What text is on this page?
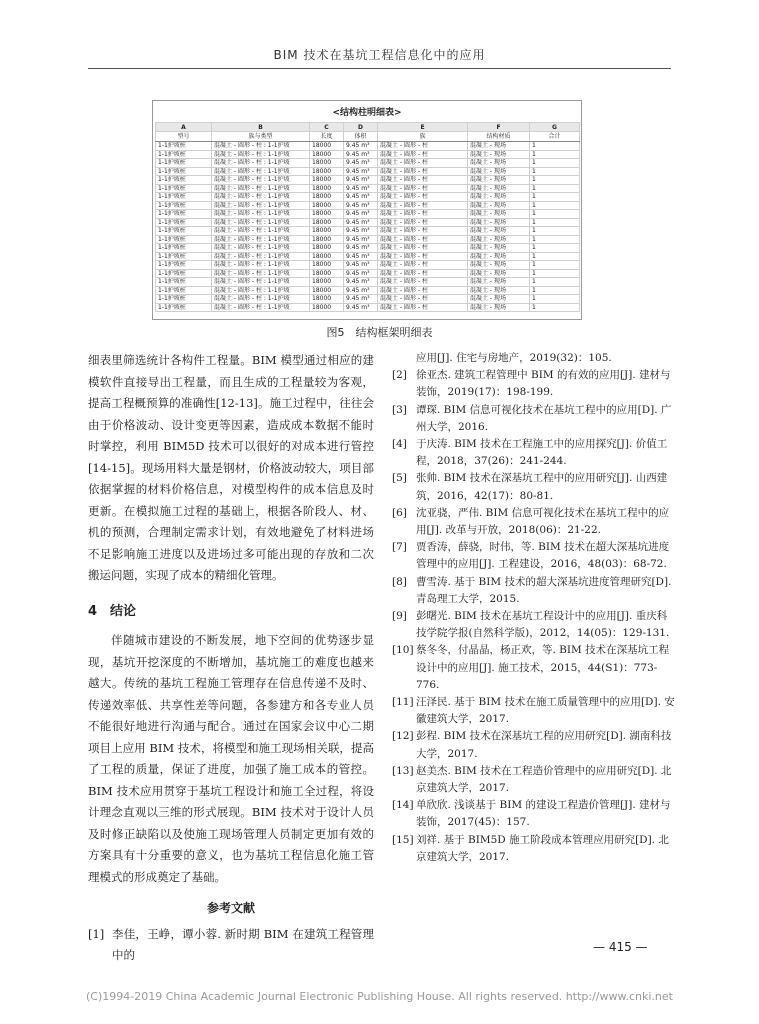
BIM 技术在基坑工程信息化中的应用
<结构柱明细表>
A	B	C	D	E	F	G
型号	族与类型	长度	体积	族	结构材质	合计
1-1护坡桩	混凝土 - 圆形 - 柱 : 1-1护坡	18000	9.45 m³	混凝土 - 圆形 - 柱	混凝土 - 现场	1
1-1护坡桩	混凝土 - 圆形 - 柱 : 1-1护坡	18000	9.45 m³	混凝土 - 圆形 - 柱	混凝土 - 现场	1
1-1护坡桩	混凝土 - 圆形 - 柱 : 1-1护坡	18000	9.45 m³	混凝土 - 圆形 - 柱	混凝土 - 现场	1
1-1护坡桩	混凝土 - 圆形 - 柱 : 1-1护坡	18000	9.45 m³	混凝土 - 圆形 - 柱	混凝土 - 现场	1
1-1护坡桩	混凝土 - 圆形 - 柱 : 1-1护坡	18000	9.45 m³	混凝土 - 圆形 - 柱	混凝土 - 现场	1
1-1护坡桩	混凝土 - 圆形 - 柱 : 1-1护坡	18000	9.45 m³	混凝土 - 圆形 - 柱	混凝土 - 现场	1
1-1护坡桩	混凝土 - 圆形 - 柱 : 1-1护坡	18000	9.45 m³	混凝土 - 圆形 - 柱	混凝土 - 现场	1
1-1护坡桩	混凝土 - 圆形 - 柱 : 1-1护坡	18000	9.45 m³	混凝土 - 圆形 - 柱	混凝土 - 现场	1
1-1护坡桩	混凝土 - 圆形 - 柱 : 1-1护坡	18000	9.45 m³	混凝土 - 圆形 - 柱	混凝土 - 现场	1
1-1护坡桩	混凝土 - 圆形 - 柱 : 1-1护坡	18000	9.45 m³	混凝土 - 圆形 - 柱	混凝土 - 现场	1
1-1护坡桩	混凝土 - 圆形 - 柱 : 1-1护坡	18000	9.45 m³	混凝土 - 圆形 - 柱	混凝土 - 现场	1
1-1护坡桩	混凝土 - 圆形 - 柱 : 1-1护坡	18000	9.45 m³	混凝土 - 圆形 - 柱	混凝土 - 现场	1
1-1护坡桩	混凝土 - 圆形 - 柱 : 1-1护坡	18000	9.45 m³	混凝土 - 圆形 - 柱	混凝土 - 现场	1
1-1护坡桩	混凝土 - 圆形 - 柱 : 1-1护坡	18000	9.45 m³	混凝土 - 圆形 - 柱	混凝土 - 现场	1
1-1护坡桩	混凝土 - 圆形 - 柱 : 1-1护坡	18000	9.45 m³	混凝土 - 圆形 - 柱	混凝土 - 现场	1
1-1护坡桩	混凝土 - 圆形 - 柱 : 1-1护坡	18000	9.45 m³	混凝土 - 圆形 - 柱	混凝土 - 现场	1
1-1护坡桩	混凝土 - 圆形 - 柱 : 1-1护坡	18000	9.45 m³	混凝土 - 圆形 - 柱	混凝土 - 现场	1
1-1护坡桩	混凝土 - 圆形 - 柱 : 1-1护坡	18000	9.45 m³	混凝土 - 圆形 - 柱	混凝土 - 现场	1
1-1护坡桩	混凝土 - 圆形 - 柱 : 1-1护坡	18000	9.45 m³	混凝土 - 圆形 - 柱	混凝土 - 现场	1
1-1护坡桩	混凝土 - 圆形 - 柱 : 1-1护坡	18000	9.45 m³	混凝土 - 圆形 - 柱	混凝土 - 现场	1
图5　结构框架明细表

细表里筛选统计各构件工程量。BIM 模型通过相应的建模软件直接导出工程量，而且生成的工程量较为客观，提高工程概预算的准确性[12-13]。施工过程中，往往会由于价格波动、设计变更等因素，造成成本数据不能时时掌控，利用 BIM5D 技术可以很好的对成本进行管控[14-15]。现场用料大量是钢材，价格波动较大，项目部依据掌握的材料价格信息，对模型构件的成本信息及时更新。在模拟施工过程的基础上，根据各阶段人、材、机的预测，合理制定需求计划，有效地避免了材料进场不足影响施工进度以及进场过多可能出现的存放和二次搬运问题，实现了成本的精细化管理。

4　结论

伴随城市建设的不断发展，地下空间的优势逐步显现，基坑开挖深度的不断增加，基坑施工的难度也越来越大。传统的基坑工程施工管理存在信息传递不及时、传递效率低、共享性差等问题，各参建方和各专业人员不能很好地进行沟通与配合。通过在国家会议中心二期项目上应用 BIM 技术，将模型和施工现场相关联，提高了工程的质量，保证了进度，加强了施工成本的管控。BIM 技术应用贯穿于基坑工程设计和施工全过程，将设计理念直观以三维的形式展现。BIM 技术对于设计人员及时修正缺陷以及使施工现场管理人员制定更加有效的方案具有十分重要的意义，也为基坑工程信息化施工管理模式的形成奠定了基础。

参考文献
[1] 李佳，王峥，谭小蓉. 新时期 BIM 在建筑工程管理中的
应用[J]. 住宅与房地产，2019(32)：105.
[2] 徐亚杰. 建筑工程管理中 BIM 的有效的应用[J]. 建材与装饰，2019(17)：198-199.
[3] 谭琛. BIM 信息可视化技术在基坑工程中的应用[D]. 广州大学，2016.
[4] 于庆涛. BIM 技术在工程施工中的应用探究[J]. 价值工程，2018，37(26)：241-244.
[5] 张帅. BIM 技术在深基坑工程中的应用研究[J]. 山西建筑，2016，42(17)：80-81.
[6] 沈亚骁，严伟. BIM 信息可视化技术在基坑工程中的应用[J]. 改革与开放，2018(06)：21-22.
[7] 贾香涛，薛骁，时伟，等. BIM 技术在超大深基坑进度管理中的应用[J]. 工程建设，2016，48(03)：68-72.
[8] 曹雪涛. 基于 BIM 技术的超大深基坑进度管理研究[D]. 青岛理工大学，2015.
[9] 彭曙光. BIM 技术在基坑工程设计中的应用[J]. 重庆科技学院学报(自然科学版)，2012，14(05)：129-131.
[10] 蔡冬冬，付晶晶，杨正欢，等. BIM 技术在深基坑工程设计中的应用[J]. 施工技术，2015，44(S1)：773-776.
[11] 汪泽民. 基于 BIM 技术在施工质量管理中的应用[D]. 安徽建筑大学，2017.
[12] 彭程. BIM 技术在深基坑工程的应用研究[D]. 湖南科技大学，2017.
[13] 赵美杰. BIM 技术在工程造价管理中的应用研究[D]. 北京建筑大学，2017.
[14] 单欣欣. 浅谈基于 BIM 的建设工程造价管理[J]. 建材与装饰，2017(45)：157.
[15] 刘祥. 基于 BIM5D 施工阶段成本管理应用研究[D]. 北京建筑大学，2017.
— 415 —
(C)1994-2019 China Academic Journal Electronic Publishing House. All rights reserved. http://www.cnki.net
